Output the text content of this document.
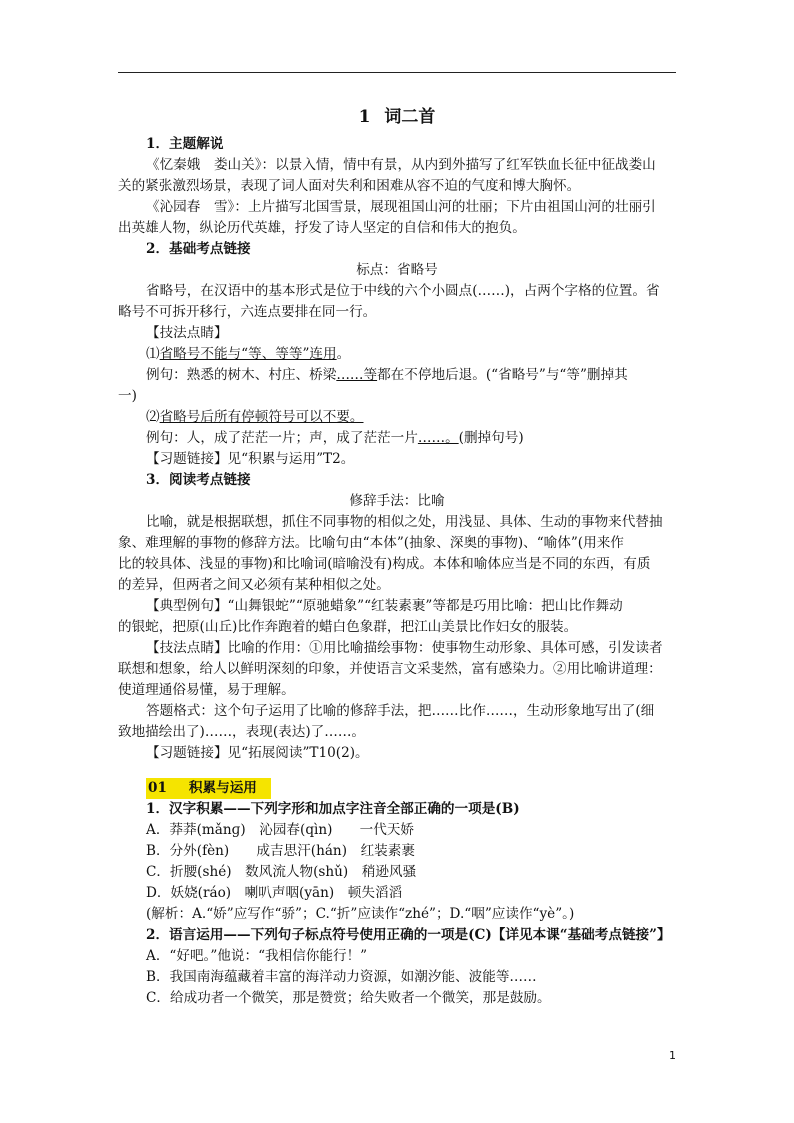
1 词二首

1．主题解说

《忆秦娥　娄山关》：以景入情，情中有景，从内到外描写了红军铁血长征中征战娄山

关的紧张激烈场景，表现了词人面对失利和困难从容不迫的气度和博大胸怀。

《沁园春　雪》：上片描写北国雪景，展现祖国山河的壮丽；下片由祖国山河的壮丽引

出英雄人物，纵论历代英雄，抒发了诗人坚定的自信和伟大的抱负。

2．基础考点链接

标点：省略号

省略号，在汉语中的基本形式是位于中线的六个小圆点(……)，占两个字格的位置。省

略号不可拆开移行，六连点要排在同一行。

【技法点睛】

⑴省略号不能与“等、等等”连用。

例句：熟悉的树木、村庄、桥梁……等都在不停地后退。(“省略号”与“等”删掉其

一)

⑵省略号后所有停顿符号可以不要。

例句：人，成了茫茫一片；声，成了茫茫一片……。(删掉句号)

【习题链接】见“积累与运用”T2。

3．阅读考点链接

修辞手法：比喻

比喻，就是根据联想，抓住不同事物的相似之处，用浅显、具体、生动的事物来代替抽

象、难理解的事物的修辞方法。比喻句由“本体”(抽象、深奥的事物)、“喻体”(用来作

比的较具体、浅显的事物)和比喻词(暗喻没有)构成。本体和喻体应当是不同的东西，有质

的差异，但两者之间又必须有某种相似之处。

【典型例句】“山舞银蛇”“原驰蜡象”“红装素裹”等都是巧用比喻：把山比作舞动

的银蛇，把原(山丘)比作奔跑着的蜡白色象群，把江山美景比作妇女的服装。

【技法点睛】比喻的作用：①用比喻描绘事物：使事物生动形象、具体可感，引发读者

联想和想象，给人以鲜明深刻的印象，并使语言文采斐然，富有感染力。②用比喻讲道理：

使道理通俗易懂，易于理解。

答题格式：这个句子运用了比喻的修辞手法，把……比作……，生动形象地写出了(细

致地描绘出了)……，表现(表达)了……。

【习题链接】见“拓展阅读”T10(2)。

01 积累与运用

1．汉字积累——下列字形和加点字注音全部正确的一项是(B)

A．莽莽(mǎnɡ)　沁园春(qìn)　　一代天娇

B．分外(fèn)　　成吉思汗(hán)　红装素裹

C．折腰(shé)　数风流人物(shǔ)　稍逊风骚

D．妖娆(ráo)　喇叭声咽(yān)　顿失滔滔

(解析：A.“娇”应写作“骄”；C.“折”应读作“zhé”；D.“咽”应读作“yè”。)

2．语言运用——下列句子标点符号使用正确的一项是(C)【详见本课“基础考点链接”】

A．“好吧。”他说：“我相信你能行！”

B．我国南海蕴藏着丰富的海洋动力资源，如潮汐能、波能等……

C．给成功者一个微笑，那是赞赏；给失败者一个微笑，那是鼓励。

1
